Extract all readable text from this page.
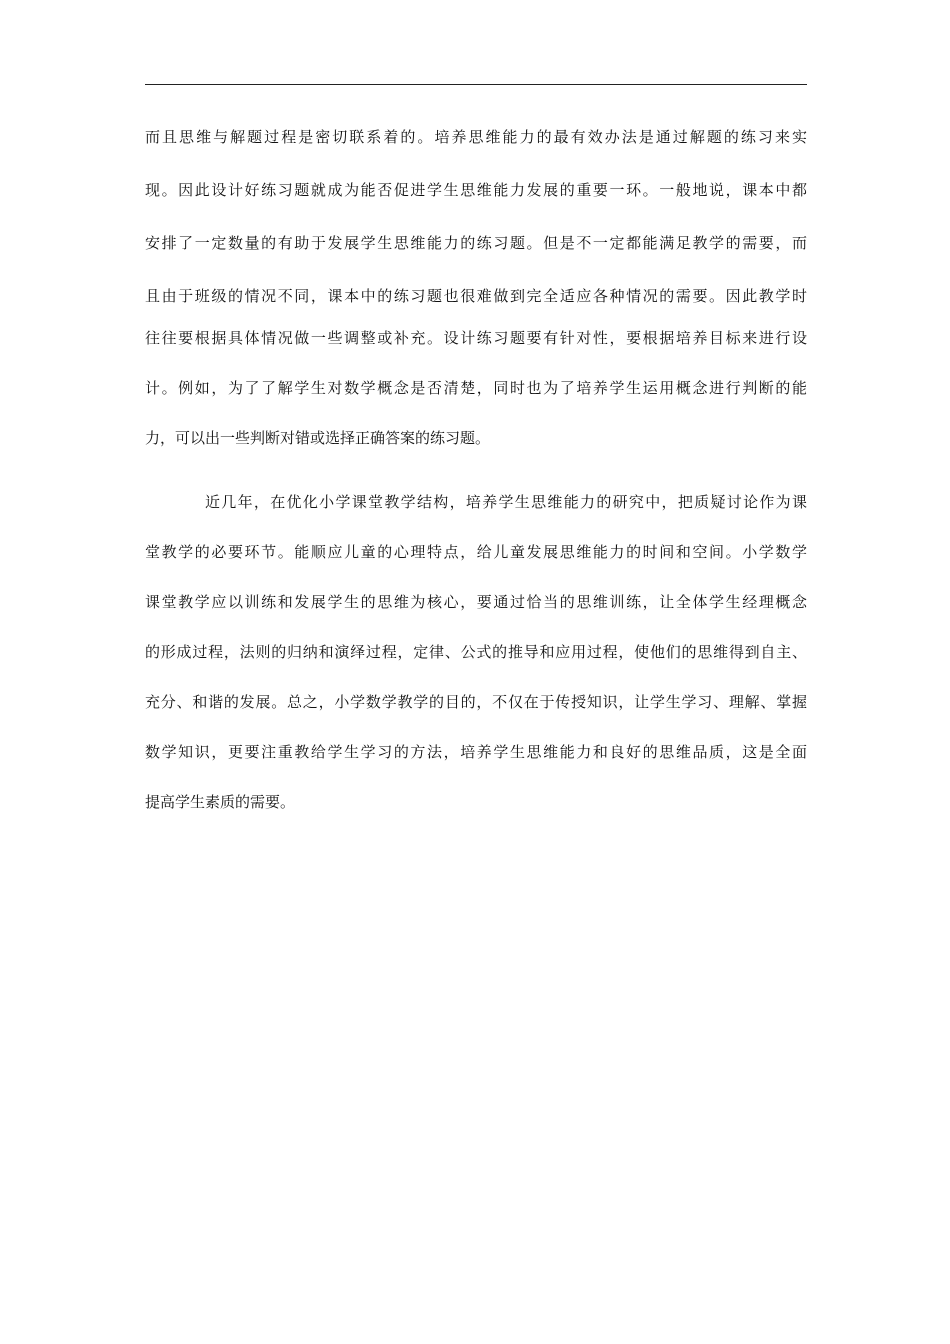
而且思维与解题过程是密切联系着的。培养思维能力的最有效办法是通过解题的练习来实
现。因此设计好练习题就成为能否促进学生思维能力发展的重要一环。一般地说，课本中都
安排了一定数量的有助于发展学生思维能力的练习题。但是不一定都能满足教学的需要，而
且由于班级的情况不同，课本中的练习题也很难做到完全适应各种情况的需要。因此教学时
往往要根据具体情况做一些调整或补充。设计练习题要有针对性，要根据培养目标来进行设
计。例如，为了了解学生对数学概念是否清楚，同时也为了培养学生运用概念进行判断的能
力，可以出一些判断对错或选择正确答案的练习题。
近几年，在优化小学课堂教学结构，培养学生思维能力的研究中，把质疑讨论作为课
堂教学的必要环节。能顺应儿童的心理特点，给儿童发展思维能力的时间和空间。小学数学
课堂教学应以训练和发展学生的思维为核心，要通过恰当的思维训练，让全体学生经理概念
的形成过程，法则的归纳和演绎过程，定律、公式的推导和应用过程，使他们的思维得到自主、
充分、和谐的发展。总之，小学数学教学的目的，不仅在于传授知识，让学生学习、理解、掌握
数学知识，更要注重教给学生学习的方法，培养学生思维能力和良好的思维品质，这是全面
提高学生素质的需要。
